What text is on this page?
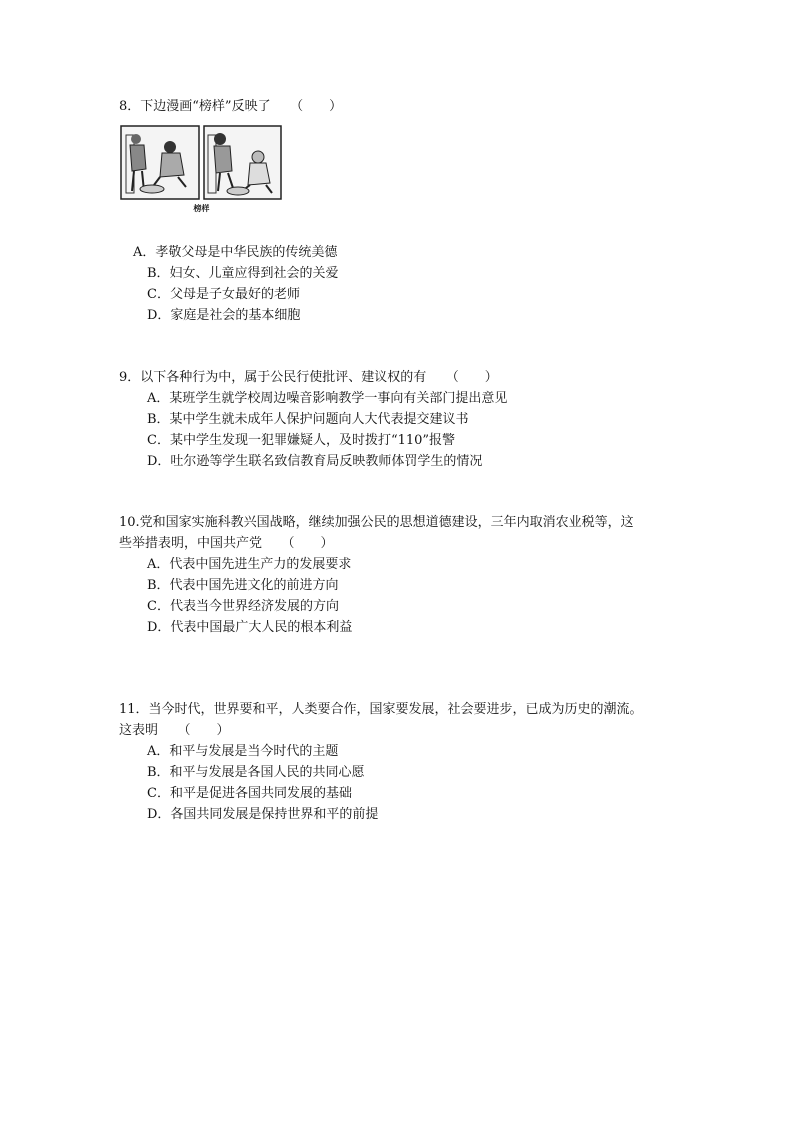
8．下边漫画“榜样”反映了　　（　　）
榜样
A．孝敬父母是中华民族的传统美德
B．妇女、儿童应得到社会的关爱
C．父母是子女最好的老师
D．家庭是社会的基本细胞
9．以下各种行为中，属于公民行使批评、建议权的有　　（　　）
A．某班学生就学校周边噪音影响教学一事向有关部门提出意见
B．某中学生就未成年人保护问题向人大代表提交建议书
C．某中学生发现一犯罪嫌疑人，及时拨打“110”报警
D．吐尔逊等学生联名致信教育局反映教师体罚学生的情况
10.党和国家实施科教兴国战略，继续加强公民的思想道德建设，三年内取消农业税等，这
些举措表明，中国共产党　　（　　）
A．代表中国先进生产力的发展要求
B．代表中国先进文化的前进方向
C．代表当今世界经济发展的方向
D．代表中国最广大人民的根本利益
11．当今时代，世界要和平，人类要合作，国家要发展，社会要进步，已成为历史的潮流。
这表明　　（　　）
A．和平与发展是当今时代的主题
B．和平与发展是各国人民的共同心愿
C．和平是促进各国共同发展的基础
D．各国共同发展是保持世界和平的前提
